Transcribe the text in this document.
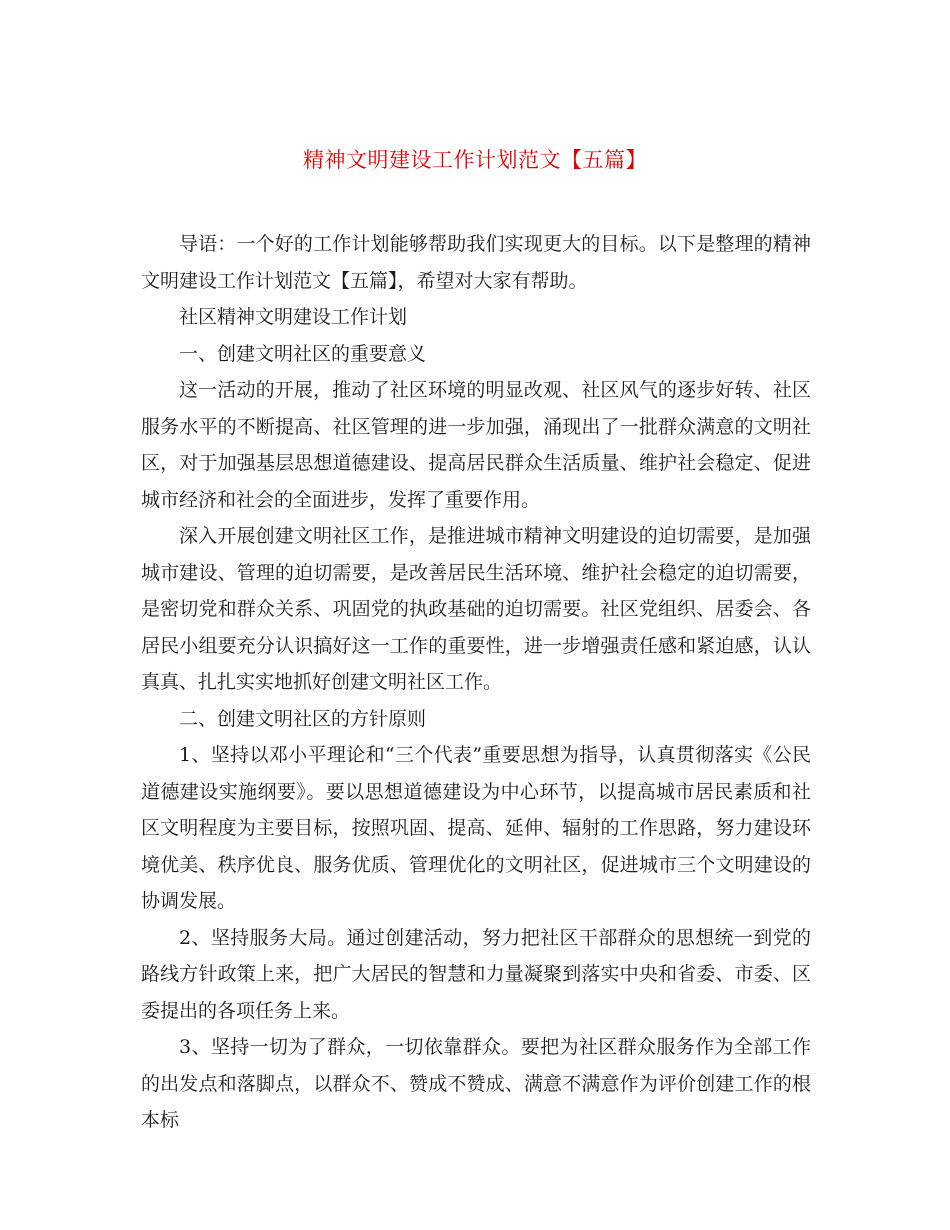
精神文明建设工作计划范文【五篇】

导语：一个好的工作计划能够帮助我们实现更大的目标。以下是整理的精神文明建设工作计划范文【五篇】，希望对大家有帮助。

社区精神文明建设工作计划

一、创建文明社区的重要意义

这一活动的开展，推动了社区环境的明显改观、社区风气的逐步好转、社区服务水平的不断提高、社区管理的进一步加强，涌现出了一批群众满意的文明社区，对于加强基层思想道德建设、提高居民群众生活质量、维护社会稳定、促进城市经济和社会的全面进步，发挥了重要作用。

深入开展创建文明社区工作，是推进城市精神文明建设的迫切需要，是加强城市建设、管理的迫切需要，是改善居民生活环境、维护社会稳定的迫切需要，是密切党和群众关系、巩固党的执政基础的迫切需要。社区党组织、居委会、各居民小组要充分认识搞好这一工作的重要性，进一步增强责任感和紧迫感，认认真真、扎扎实实地抓好创建文明社区工作。

二、创建文明社区的方针原则

1、坚持以邓小平理论和“三个代表”重要思想为指导，认真贯彻落实《公民道德建设实施纲要》。要以思想道德建设为中心环节，以提高城市居民素质和社区文明程度为主要目标，按照巩固、提高、延伸、辐射的工作思路，努力建设环境优美、秩序优良、服务优质、管理优化的文明社区，促进城市三个文明建设的协调发展。

2、坚持服务大局。通过创建活动，努力把社区干部群众的思想统一到党的路线方针政策上来，把广大居民的智慧和力量凝聚到落实中央和省委、市委、区委提出的各项任务上来。

3、坚持一切为了群众，一切依靠群众。要把为社区群众服务作为全部工作的出发点和落脚点，以群众不、赞成不赞成、满意不满意作为评价创建工作的根本标
